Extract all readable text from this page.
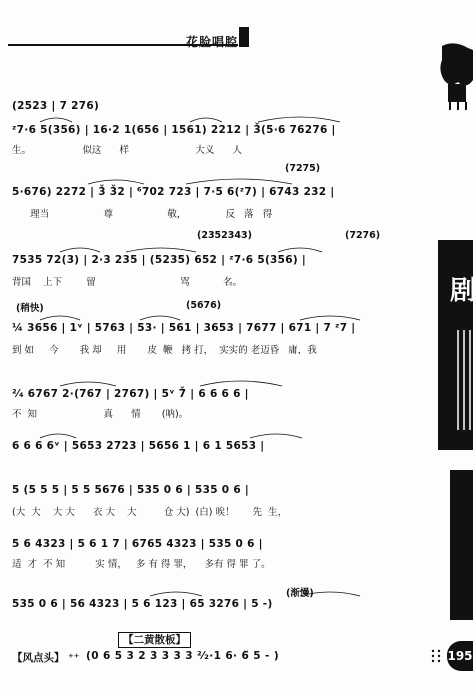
花脸唱腔
剧
(2523 | 7 276)
ᶻ7·6 5(356) | 16·2 1(656 | 1561) 2212 | 3̌(5·6 76276 |
生。                 似这      样                      大义      人
(7275)
5·676) 2272 | 3̌ 3̌2 | ⁶702 723 | 7·5 6(ᶻ7) | 6743 232 |
理当                  尊                  敬，             反   落   得
(2352343)	(7276)
7535 72(3) | 2·3 235 | (5235) 652 | ᶻ7·6 5(356) |
背国    上下        留                            骂           名。
(稍快)	(5676)
¼ 3656 | 1ᵛ | 5763 | 53· | 561 | 3653 | 7677 | 671 | 7 ᶻ7 |
到 如     今       我 却     用       皮  鞭   拷 打，  实实的 老迈昏   庸，我
²⁄₄ 6767 2·(767 | 2767) | 5ᵛ 7̌ | 6 6 6 6 |
不  知                      真      情       (呐)。
6 6 6 6ᵛ | 5653 2723 | 5656 1 | 6 1 5653 |
5 (5 5 5 | 5 5 5676 | 535 0 6 | 535 0 6 |
(大  大    大 大      衣 大    大         仓 大)  (白) 唉！      先  生，
5 6 4323 | 5 6 1 7 | 6765 4323 | 535 0 6 |
适  才  不 知          实 情，   多 有 得 罪，    多有 得 罪 了。
(渐慢)
535 0 6 | 56 4323 | 5 6 123 | 65 3276 | 5 -)
【二黄散板】
【风点头】 ⁺⁺ (0 6 5 3 2 3 3 3 3 ²⁄₂·1 6· 6̌ 5 - )	195
